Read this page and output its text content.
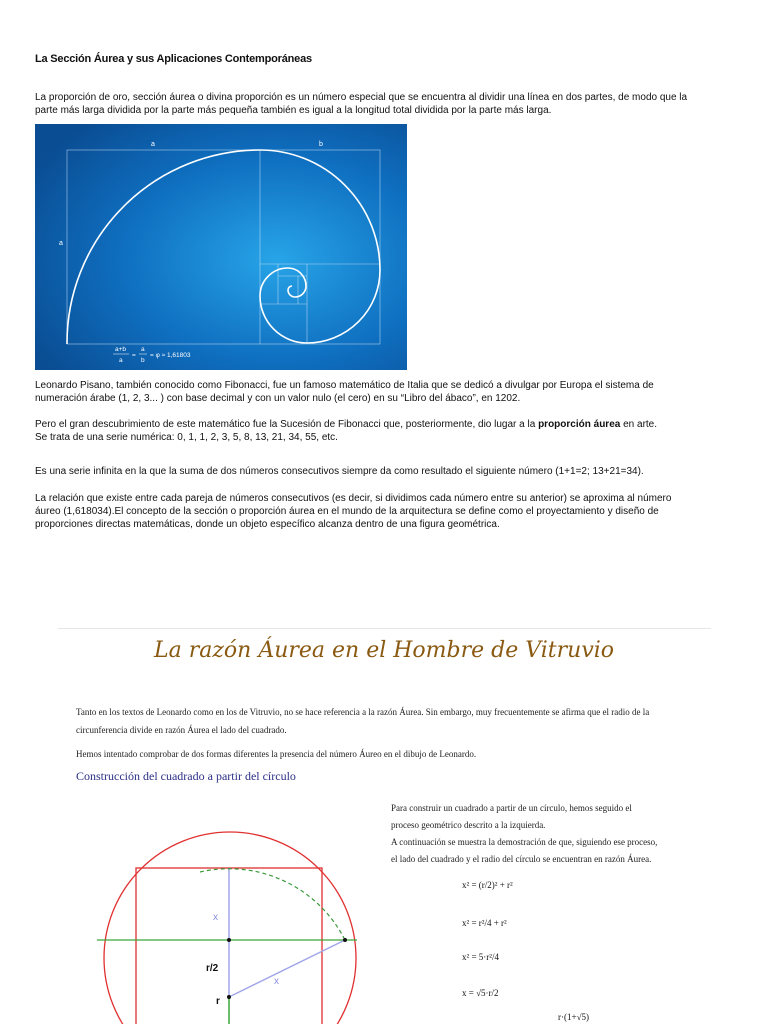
La Sección Áurea y sus Aplicaciones Contemporáneas
La proporción de oro, sección áurea o divina proporción es un número especial que se encuentra al dividir una línea en dos partes, de modo que la
parte más larga dividida por la parte más pequeña también es igual a la longitud total dividida por la parte más larga.
a	b
a
a+b
a
=
a
b
= φ ≈ 1,61803
Leonardo Pisano, también conocido como Fibonacci, fue un famoso matemático de Italia que se dedicó a divulgar por Europa el sistema de
numeración árabe (1, 2, 3... ) con base decimal y con un valor nulo (el cero) en su “Libro del ábaco”, en 1202.
Pero el gran descubrimiento de este matemático fue la Sucesión de Fibonacci que, posteriormente, dio lugar a la proporción áurea en arte.
Se trata de una serie numérica: 0, 1, 1, 2, 3, 5, 8, 13, 21, 34, 55, etc.
Es una serie infinita en la que la suma de dos números consecutivos siempre da como resultado el siguiente número (1+1=2; 13+21=34).
La relación que existe entre cada pareja de números consecutivos (es decir, si dividimos cada número entre su anterior) se aproxima al número
áureo (1,618034).El concepto de la sección o proporción áurea en el mundo de la arquitectura se define como el proyectamiento y diseño de
proporciones directas matemáticas, donde un objeto específico alcanza dentro de una figura geométrica.
La razón Áurea en el Hombre de Vitruvio
Tanto en los textos de Leonardo como en los de Vitruvio, no se hace referencia a la razón Áurea. Sin embargo, muy frecuentemente se afirma que el radio de la
circunferencia divide en razón Áurea el lado del cuadrado.
Hemos intentado comprobar de dos formas diferentes la presencia del número Áureo en el dibujo de Leonardo.
Construcción del cuadrado a partir del círculo
Para construir un cuadrado a partir de un círculo, hemos seguido el
proceso geométrico descrito a la izquierda.
A continuación se muestra la demostración de que, siguiendo ese proceso,
el lado del cuadrado y el radio del círculo se encuentran en razón Áurea.
x² = (r/2)² + r²
x² = r²/4 + r²
x² = 5·r²/4
x = √5·r/2
r·(1+√5)
x
x
r/2
r
